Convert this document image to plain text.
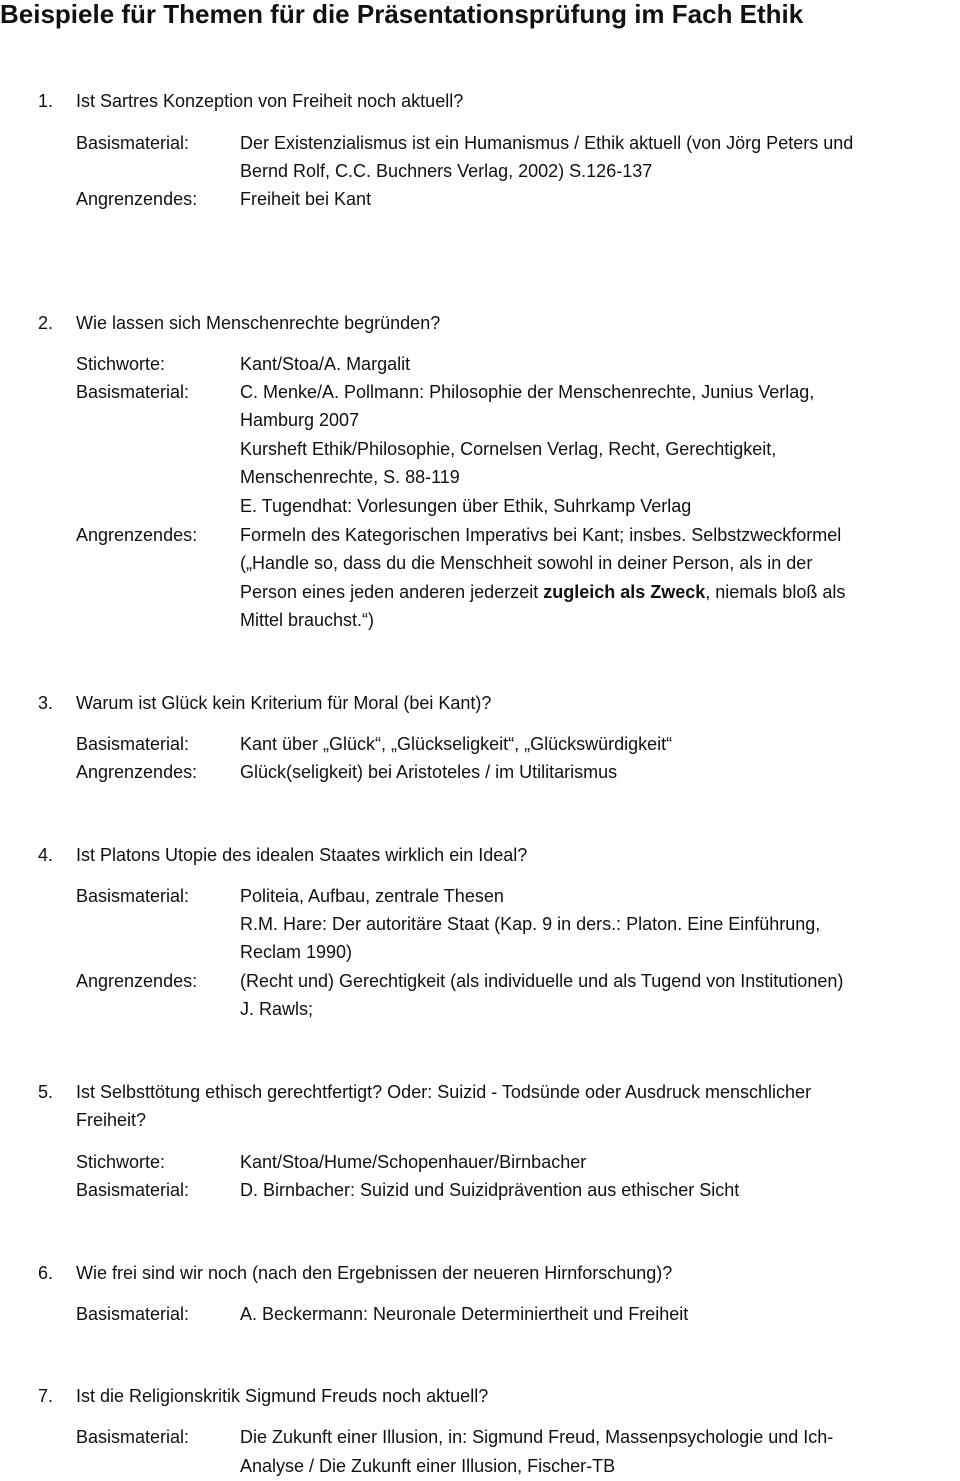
Beispiele für Themen für die Präsentationsprüfung im Fach Ethik
1. Ist Sartres Konzeption von Freiheit noch aktuell?
Basismaterial:	Der Existenzialismus ist ein Humanismus / Ethik aktuell (von Jörg Peters und
Bernd Rolf, C.C. Buchners Verlag, 2002) S.126-137
Angrenzendes: Freiheit bei Kant
2. Wie lassen sich Menschenrechte begründen?
Stichworte:	Kant/Stoa/A. Margalit
Basismaterial:	C. Menke/A. Pollmann: Philosophie der Menschenrechte, Junius Verlag,
Hamburg 2007
Kursheft Ethik/Philosophie, Cornelsen Verlag, Recht, Gerechtigkeit,
Menschenrechte, S. 88-119
E. Tugendhat: Vorlesungen über Ethik, Suhrkamp Verlag
Angrenzendes: Formeln des Kategorischen Imperativs bei Kant; insbes. Selbstzweckformel
(„Handle so, dass du die Menschheit sowohl in deiner Person, als in der
Person eines jeden anderen jederzeit zugleich als Zweck, niemals bloß als
Mittel brauchst.“)
3. Warum ist Glück kein Kriterium für Moral (bei Kant)?
Basismaterial:	Kant über „Glück“, „Glückseligkeit“, „Glückswürdigkeit“
Angrenzendes: Glück(seligkeit) bei Aristoteles / im Utilitarismus
4. Ist Platons Utopie des idealen Staates wirklich ein Ideal?
Basismaterial:	Politeia, Aufbau, zentrale Thesen
R.M. Hare: Der autoritäre Staat (Kap. 9 in ders.: Platon. Eine Einführung,
Reclam 1990)
Angrenzendes: (Recht und) Gerechtigkeit (als individuelle und als Tugend von Institutionen)
J. Rawls;
5. Ist Selbsttötung ethisch gerechtfertigt? Oder: Suizid - Todsünde oder Ausdruck menschlicher
Freiheit?
Stichworte:	Kant/Stoa/Hume/Schopenhauer/Birnbacher
Basismaterial:	D. Birnbacher: Suizid und Suizidprävention aus ethischer Sicht
6. Wie frei sind wir noch (nach den Ergebnissen der neueren Hirnforschung)?
Basismaterial:	A. Beckermann: Neuronale Determiniertheit und Freiheit
7. Ist die Religionskritik Sigmund Freuds noch aktuell?
Basismaterial:	Die Zukunft einer Illusion, in: Sigmund Freud, Massenpsychologie und Ich-
Analyse / Die Zukunft einer Illusion, Fischer-TB
